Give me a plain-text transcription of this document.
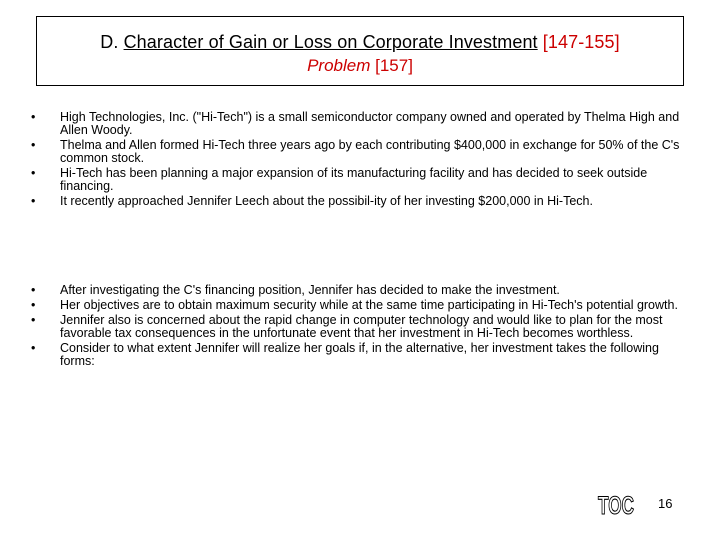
D. Character of Gain or Loss on Corporate Investment [147-155]
Problem [157]
• High Technologies, Inc. ("Hi-Tech") is a small semiconductor company owned and operated by Thelma High and Allen Woody.
• Thelma and Allen formed Hi-Tech three years ago by each contributing $400,000 in exchange for 50% of the C's common stock.
• Hi-Tech has been planning a major expansion of its manufacturing facility and has decided to seek outside financing.
• It recently approached Jennifer Leech about the possibil-ity of her investing $200,000 in Hi-Tech.
• After investigating the C's financing position, Jennifer has decided to make the investment.
• Her objectives are to obtain maximum security while at the same time participating in Hi-Tech's potential growth.
• Jennifer also is concerned about the rapid change in computer technology and would like to plan for the most favorable tax consequences in the unfortunate event that her investment in Hi-Tech becomes worthless.
• Consider to what extent Jennifer will realize her goals if, in the alternative, her investment takes the following forms:
TOC 16
